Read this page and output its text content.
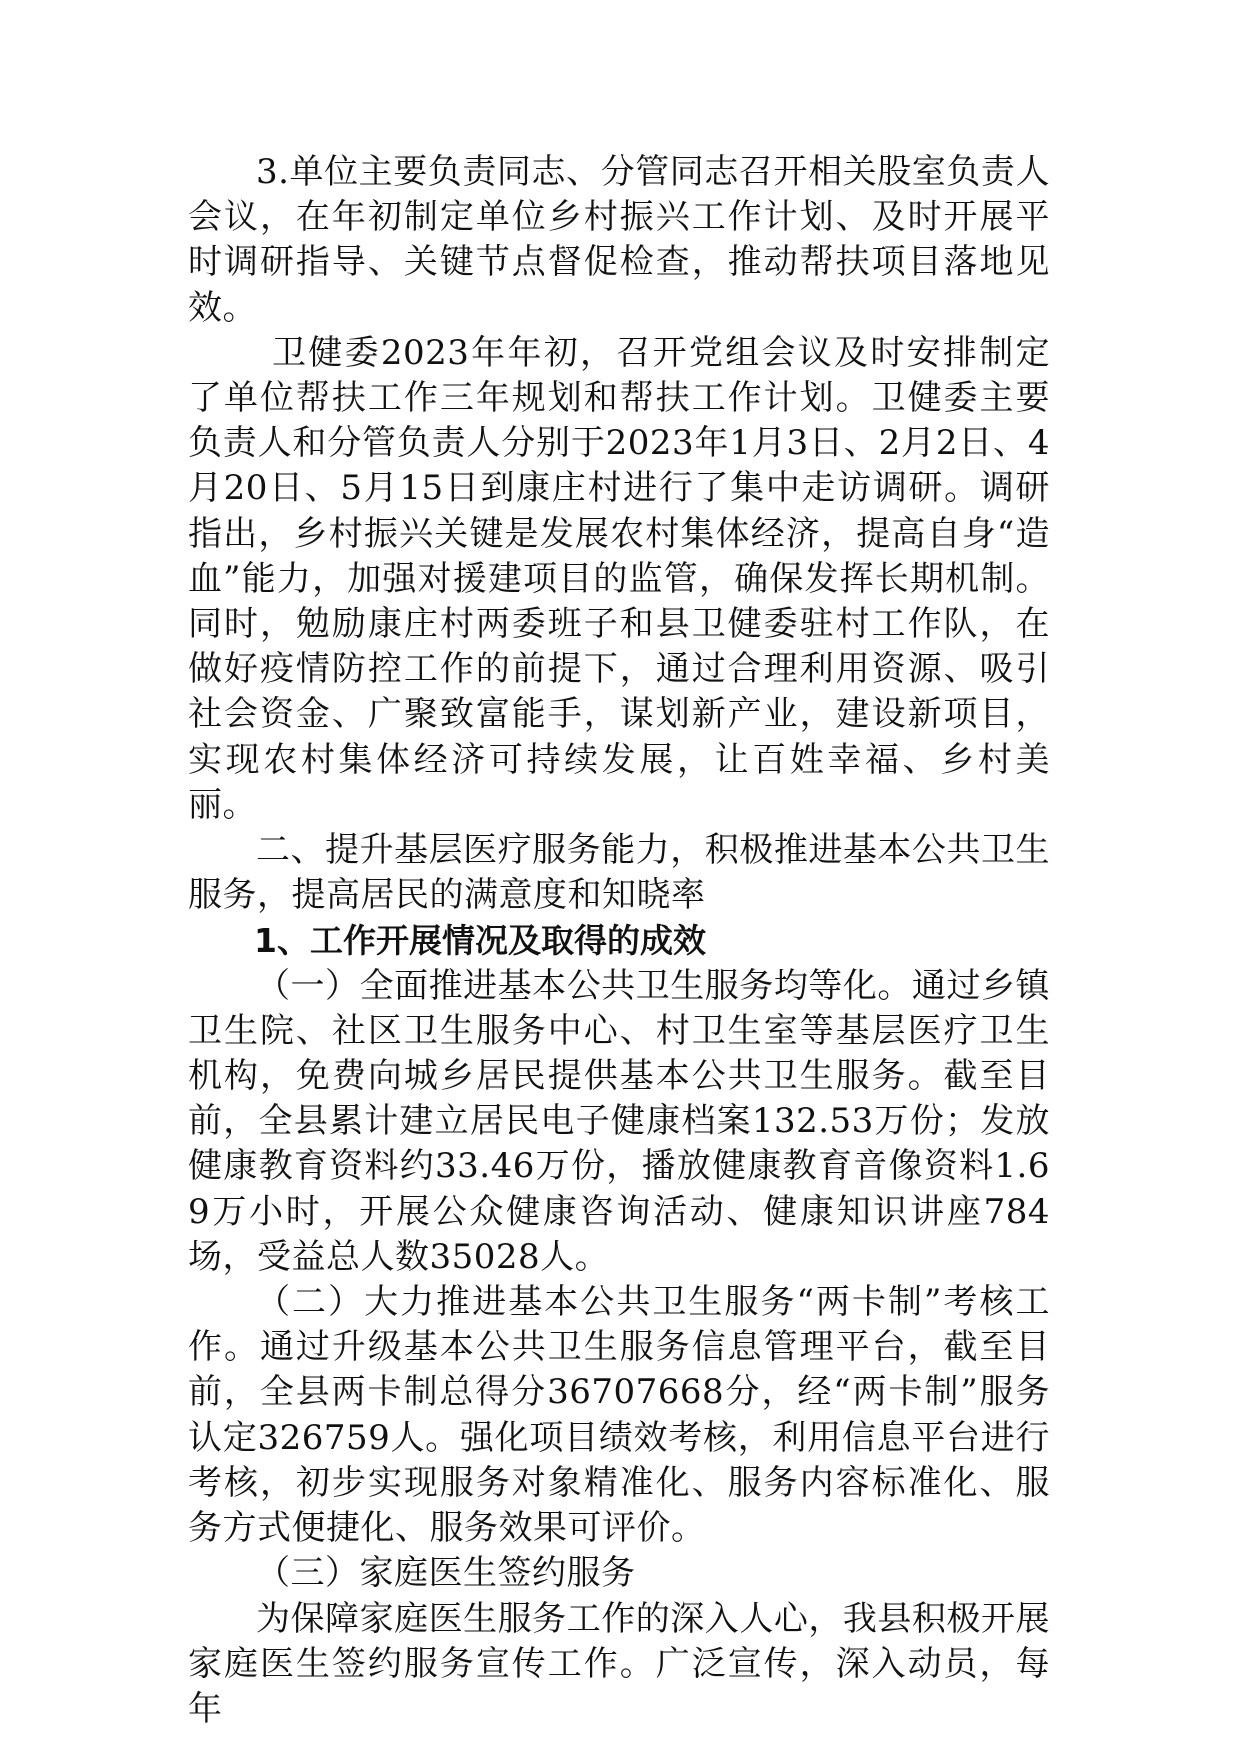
3.单位主要负责同志、分管同志召开相关股室负责人会议，在年初制定单位乡村振兴工作计划、及时开展平时调研指导、关键节点督促检查，推动帮扶项目落地见效。

卫健委2023年年初，召开党组会议及时安排制定了单位帮扶工作三年规划和帮扶工作计划。卫健委主要负责人和分管负责人分别于2023年1月3日、2月2日、4月20日、5月15日到康庄村进行了集中走访调研。调研指出，乡村振兴关键是发展农村集体经济，提高自身“造血”能力，加强对援建项目的监管，确保发挥长期机制。同时，勉励康庄村两委班子和县卫健委驻村工作队，在做好疫情防控工作的前提下，通过合理利用资源、吸引社会资金、广聚致富能手，谋划新产业，建设新项目，实现农村集体经济可持续发展，让百姓幸福、乡村美丽。

二、提升基层医疗服务能力，积极推进基本公共卫生服务，提高居民的满意度和知晓率

1、工作开展情况及取得的成效

（一）全面推进基本公共卫生服务均等化。通过乡镇卫生院、社区卫生服务中心、村卫生室等基层医疗卫生机构，免费向城乡居民提供基本公共卫生服务。截至目前，全县累计建立居民电子健康档案132.53万份；发放健康教育资料约33.46万份，播放健康教育音像资料1.69万小时，开展公众健康咨询活动、健康知识讲座784场，受益总人数35028人。

（二）大力推进基本公共卫生服务“两卡制”考核工作。通过升级基本公共卫生服务信息管理平台，截至目前，全县两卡制总得分36707668分，经“两卡制”服务认定326759人。强化项目绩效考核，利用信息平台进行考核，初步实现服务对象精准化、服务内容标准化、服务方式便捷化、服务效果可评价。

（三）家庭医生签约服务

为保障家庭医生服务工作的深入人心，我县积极开展家庭医生签约服务宣传工作。广泛宣传，深入动员，每年
